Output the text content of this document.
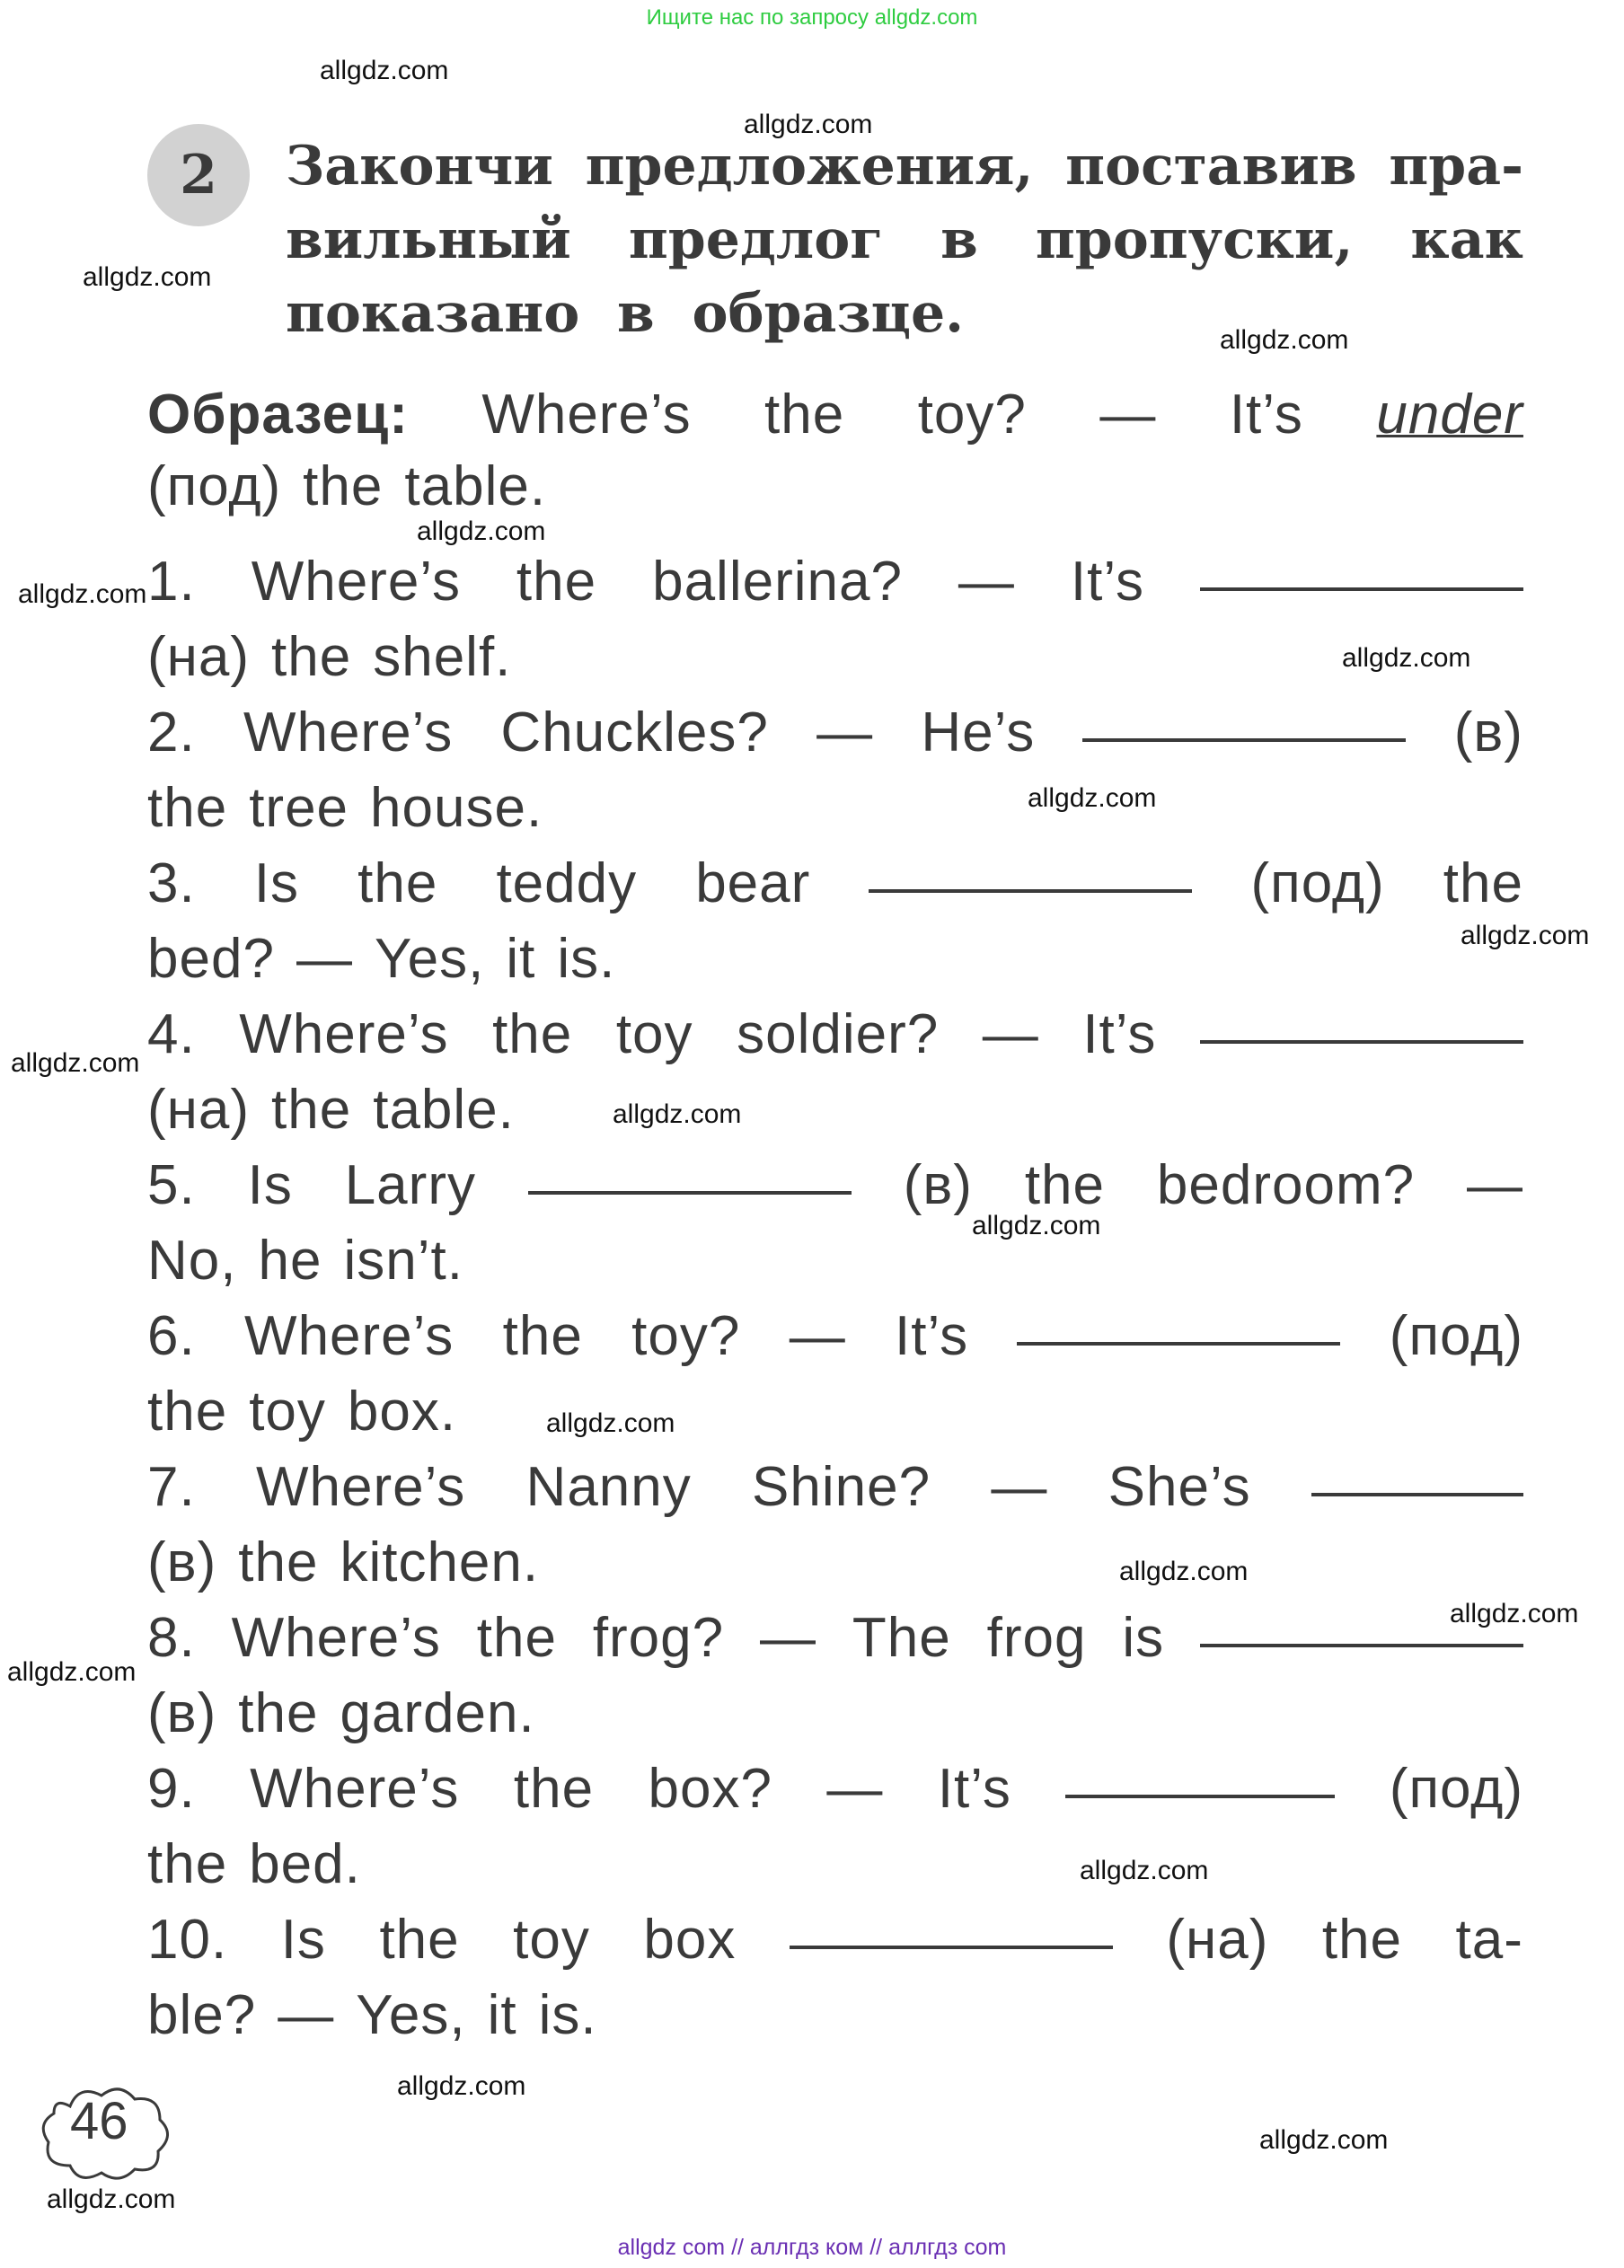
Ищите нас по запросу allgdz.com
allgdz.com
allgdz.com
allgdz.com
allgdz.com
allgdz.com
allgdz.com
allgdz.com
allgdz.com
allgdz.com
allgdz.com
allgdz.com
allgdz.com
allgdz.com
allgdz.com
allgdz.com
allgdz.com
allgdz.com
allgdz.com
allgdz.com
allgdz.com
2	Закончи предложения, поставив пра-
вильный предлог в пропуски, как
показано
в
образце.
Образец: Where’s the toy? — It’s under
(под) the table.
1. Where’s the ballerina? — It’s
(на) the shelf.
2. Where’s Chuckles? — He’s	(в)
the tree house.
3. Is the teddy bear	(под) the
bed? — Yes, it is.
4. Where’s the toy soldier? — It’s
(на) the table.
5. Is Larry	(в) the bedroom? —
No, he isn’t.
6. Where’s the toy? — It’s	(под)
the toy box.
7. Where’s Nanny Shine? — She’s
(в) the kitchen.
8. Where’s the frog? — The frog is
(в) the garden.
9. Where’s the box? — It’s	(под)
the bed.
10. Is the toy box	(на) the ta-
ble? — Yes, it is.
46
allgdz com // аллгдз ком // аллгдз com
